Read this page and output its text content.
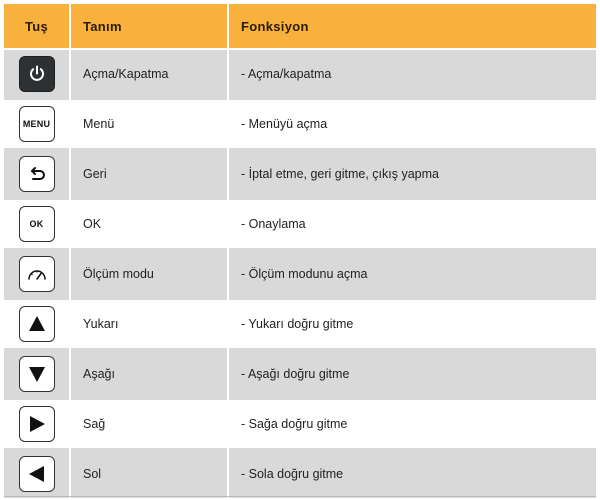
Tuş	Tanım	Fonksiyon

	Açma/Kapatma	- Açma/kapatma

MENU	Menü	- Menüyü açma

	Geri	- İptal etme, geri gitme, çıkış yapma

OK	OK	- Onaylama

	Ölçüm modu	- Ölçüm modunu açma

	Yukarı	- Yukarı doğru gitme

	Aşağı	- Aşağı doğru gitme

	Sağ	- Sağa doğru gitme

	Sol	- Sola doğru gitme
